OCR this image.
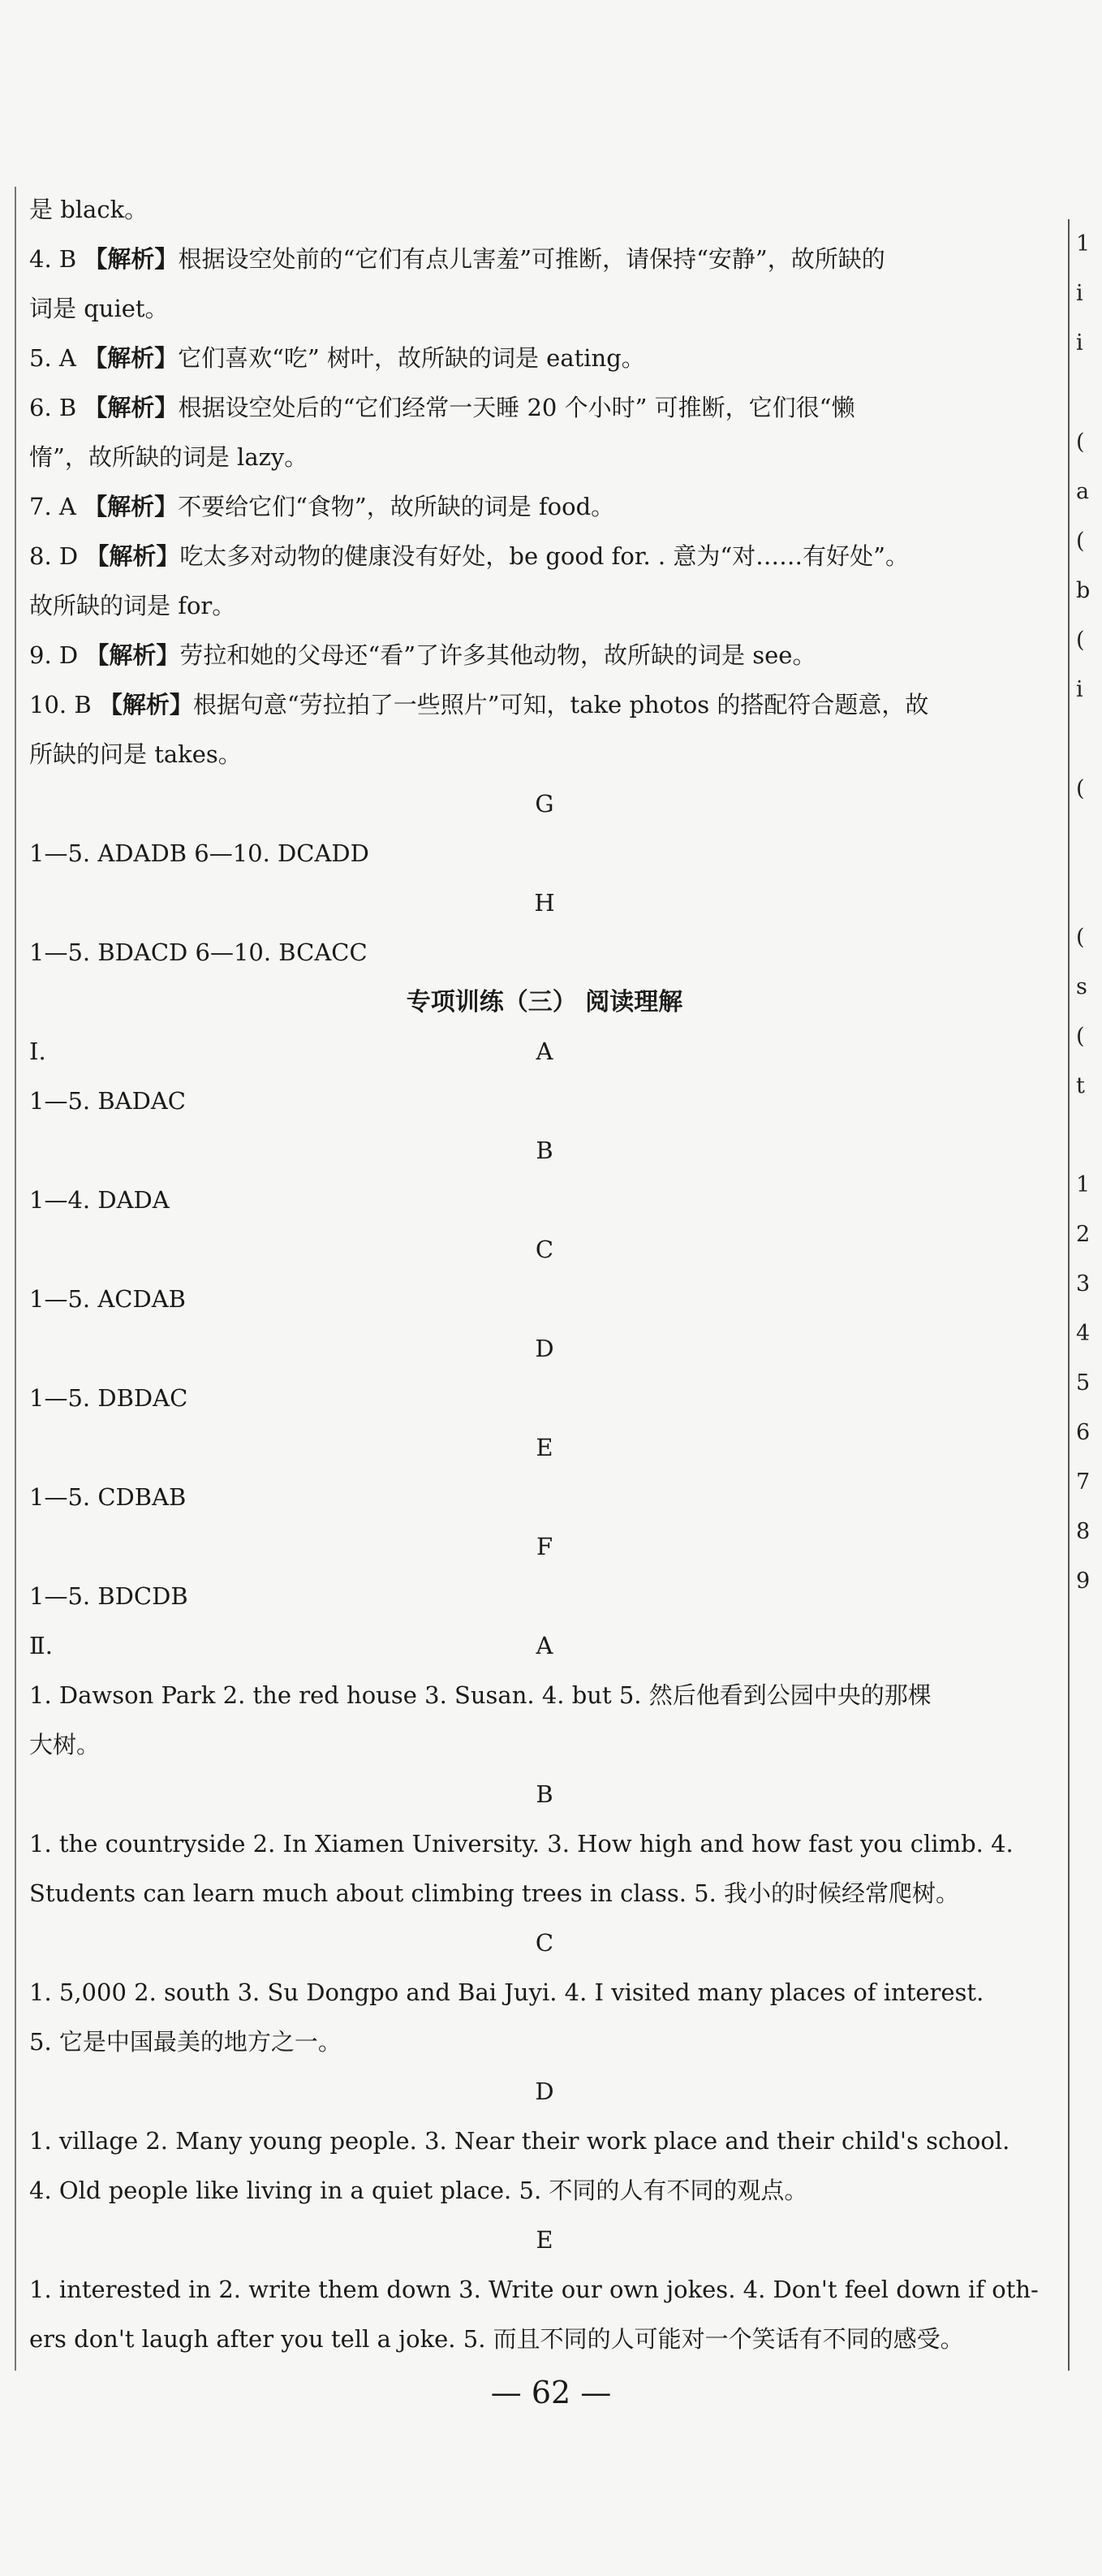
是 black。
4. B 【解析】根据设空处前的“它们有点儿害羞”可推断，请保持“安静”，故所缺的
词是 quiet。
5. A 【解析】它们喜欢“吃” 树叶，故所缺的词是 eating。
6. B 【解析】根据设空处后的“它们经常一天睡 20 个小时” 可推断，它们很“懒
惰”，故所缺的词是 lazy。
7. A 【解析】不要给它们“食物”，故所缺的词是 food。
8. D 【解析】吃太多对动物的健康没有好处，be good for. . 意为“对……有好处”。
故所缺的词是 for。
9. D 【解析】劳拉和她的父母还“看”了许多其他动物，故所缺的词是 see。
10. B 【解析】根据句意“劳拉拍了一些照片”可知，take photos 的搭配符合题意，故
所缺的问是 takes。
G
1—5. ADADB 6—10. DCADD
H
1—5. BDACD 6—10. BCACC
专项训练（三） 阅读理解
Ⅰ.	A
1—5. BADAC
B
1—4. DADA
C
1—5. ACDAB
D
1—5. DBDAC
E
1—5. CDBAB
F
1—5. BDCDB
Ⅱ.	A
1. Dawson Park 2. the red house 3. Susan. 4. but 5. 然后他看到公园中央的那棵
大树。
B
1. the countryside 2. In Xiamen University. 3. How high and how fast you climb. 4.
Students can learn much about climbing trees in class. 5. 我小的时候经常爬树。
C
1. 5,000 2. south 3. Su Dongpo and Bai Juyi. 4. I visited many places of interest.
5. 它是中国最美的地方之一。
D
1. village 2. Many young people. 3. Near their work place and their child's school.
4. Old people like living in a quiet place. 5. 不同的人有不同的观点。
E
1. interested in 2. write them down 3. Write our own jokes. 4. Don't feel down if oth-
ers don't laugh after you tell a joke. 5. 而且不同的人可能对一个笑话有不同的感受。
1
i
i

(
a
(
b
(
i

(

(
s
(
t

1
2
3
4
5
6
7
8
9
— 62 —
